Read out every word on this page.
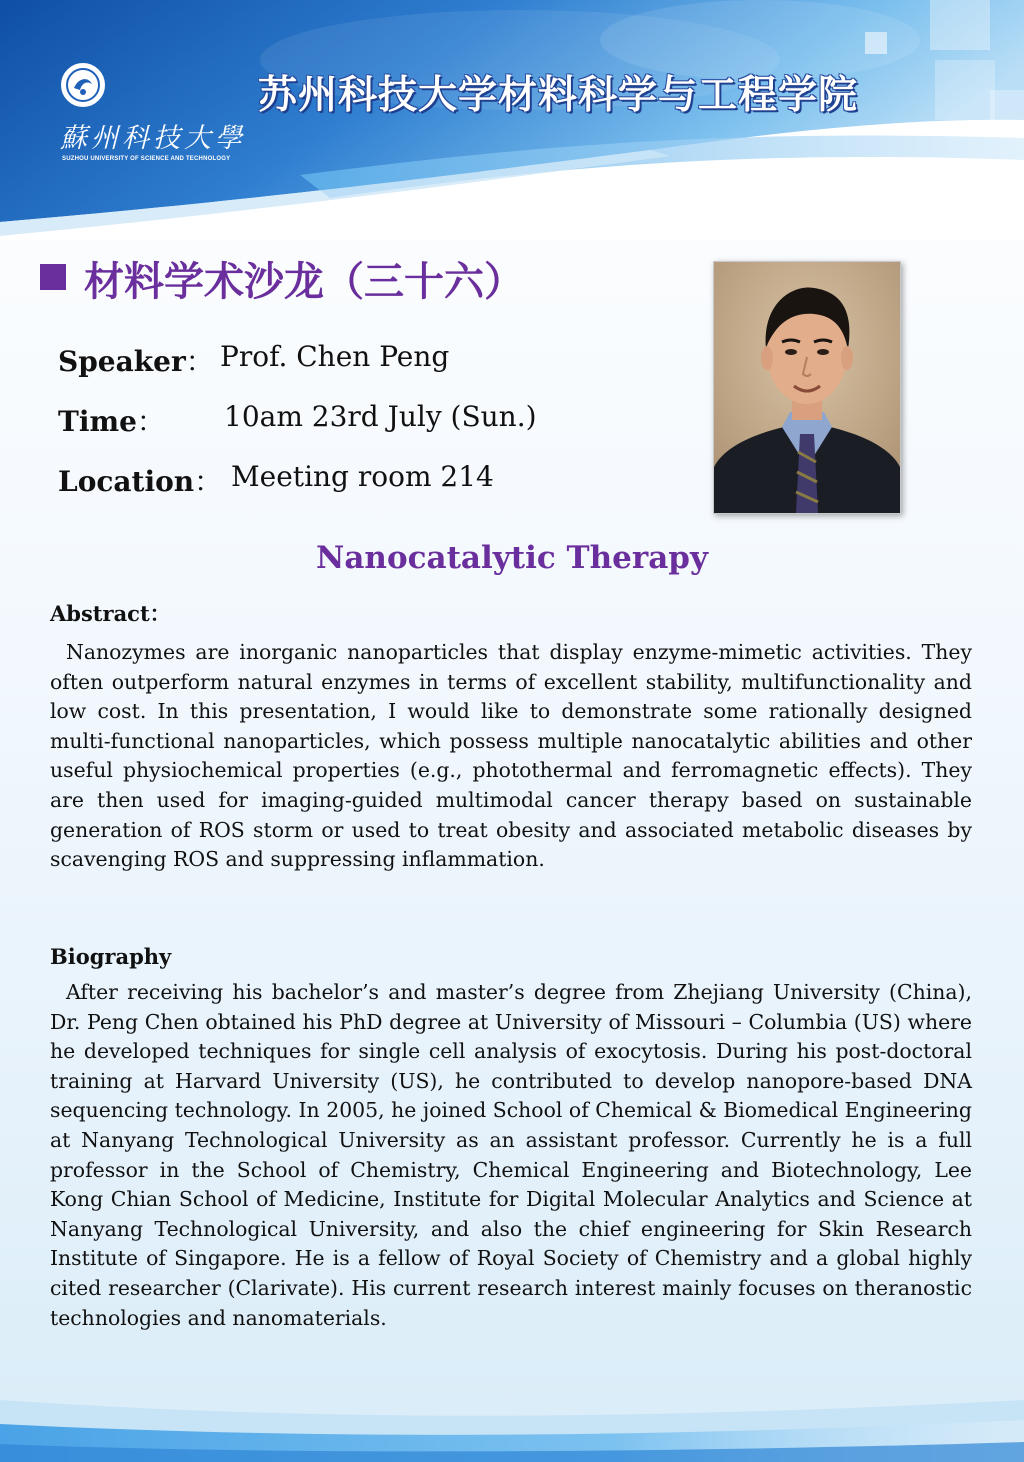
蘇州科技大學
SUZHOU UNIVERSITY OF SCIENCE AND TECHNOLOGY
苏州科技大学材料科学与工程学院
材料学术沙龙（三十六）
Speaker： Prof. Chen Peng
Time： 10am 23rd July (Sun.)
Location： Meeting room 214
Nanocatalytic Therapy
Abstract：

Nanozymes are inorganic nanoparticles that display enzyme-mimetic activities. They often outperform natural enzymes in terms of excellent stability, multifunctionality and low cost. In this presentation, I would like to demonstrate some rationally designed multi-functional nanoparticles, which possess multiple nanocatalytic abilities and other useful physiochemical properties (e.g., photothermal and ferromagnetic effects). They are then used for imaging-guided multimodal cancer therapy based on sustainable generation of ROS storm or used to treat obesity and associated metabolic diseases by scavenging ROS and suppressing inflammation.

Biography

After receiving his bachelor’s and master’s degree from Zhejiang University (China), Dr. Peng Chen obtained his PhD degree at University of Missouri – Columbia (US) where he developed techniques for single cell analysis of exocytosis. During his post-doctoral training at Harvard University (US), he contributed to develop nanopore-based DNA sequencing technology. In 2005, he joined School of Chemical & Biomedical Engineering at Nanyang Technological University as an assistant professor. Currently he is a full professor in the School of Chemistry, Chemical Engineering and Biotechnology, Lee Kong Chian School of Medicine, Institute for Digital Molecular Analytics and Science at Nanyang Technological University, and also the chief engineering for Skin Research Institute of Singapore. He is a fellow of Royal Society of Chemistry and a global highly cited researcher (Clarivate). His current research interest mainly focuses on theranostic technologies and nanomaterials.
